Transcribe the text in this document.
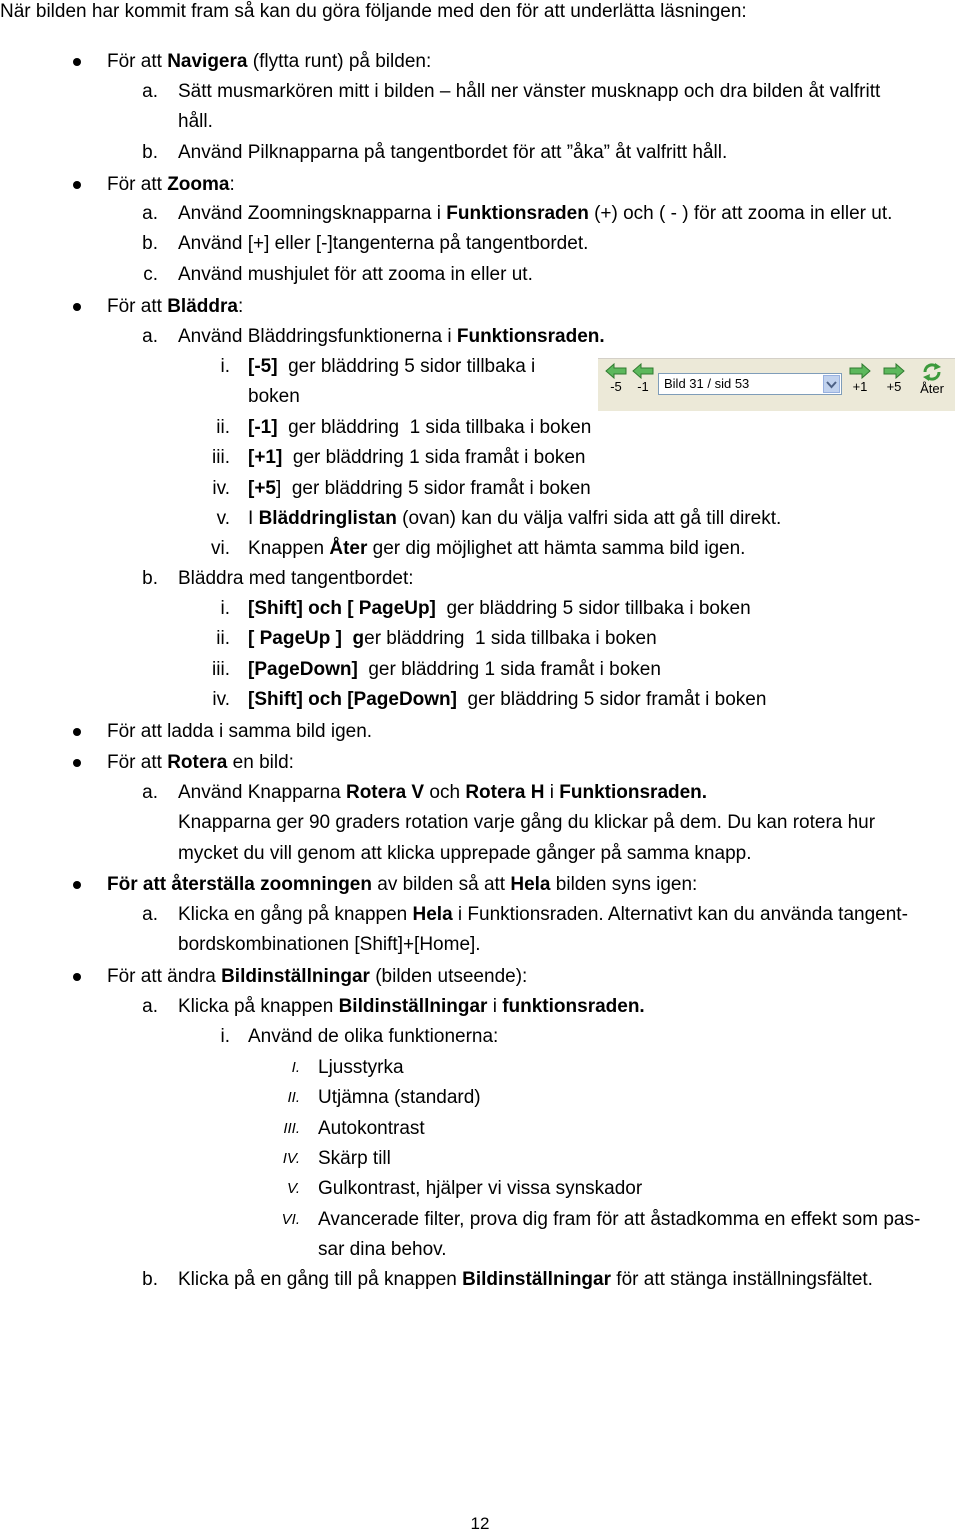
När bilden har kommit fram så kan du göra följande med den för att underlätta läsningen:
För att Navigera (flytta runt) på bilden:
a. Sätt musmarkören mitt i bilden – håll ner vänster musknapp och dra bilden åt valfritt
håll.
b. Använd Pilknapparna på tangentbordet för att ”åka” åt valfritt håll.
För att Zooma:
a. Använd Zoomningsknapparna i Funktionsraden (+) och ( - ) för att zooma in eller ut.
b. Använd [+] eller [-]tangenterna på tangentbordet.
c. Använd mushjulet för att zooma in eller ut.
För att Bläddra:
a. Använd Bläddringsfunktionerna i Funktionsraden.
i. [-5]  ger bläddring 5 sidor tillbaka i
boken
ii. [-1]  ger bläddring  1 sida tillbaka i boken
iii. [+1]  ger bläddring 1 sida framåt i boken
iv. [+5]  ger bläddring 5 sidor framåt i boken
v. I Bläddringlistan (ovan) kan du välja valfri sida att gå till direkt.
vi. Knappen Åter ger dig möjlighet att hämta samma bild igen.
-5	-1	Bild 31 / sid 53	+1	+5	Åter
b. Bläddra med tangentbordet:
i. [Shift] och [ PageUp]  ger bläddring 5 sidor tillbaka i boken
ii. [ PageUp ]  ger bläddring  1 sida tillbaka i boken
iii. [PageDown]  ger bläddring 1 sida framåt i boken
iv. [Shift] och [PageDown]  ger bläddring 5 sidor framåt i boken
För att ladda i samma bild igen.
För att Rotera en bild:
a. Använd Knapparna Rotera V och Rotera H i Funktionsraden.
Knapparna ger 90 graders rotation varje gång du klickar på dem. Du kan rotera hur
mycket du vill genom att klicka upprepade gånger på samma knapp.
För att återställa zoomningen av bilden så att Hela bilden syns igen:
a. Klicka en gång på knappen Hela i Funktionsraden. Alternativt kan du använda tangent-
bordskombinationen [Shift]+[Home].
För att ändra Bildinställningar (bilden utseende):
a. Klicka på knappen Bildinställningar i funktionsraden.
i. Använd de olika funktionerna:
I. Ljusstyrka
II. Utjämna (standard)
III. Autokontrast
IV. Skärp till
V. Gulkontrast, hjälper vi vissa synskador
VI. Avancerade filter, prova dig fram för att åstadkomma en effekt som pas-
sar dina behov.
b. Klicka på en gång till på knappen Bildinställningar för att stänga inställningsfältet.
12
